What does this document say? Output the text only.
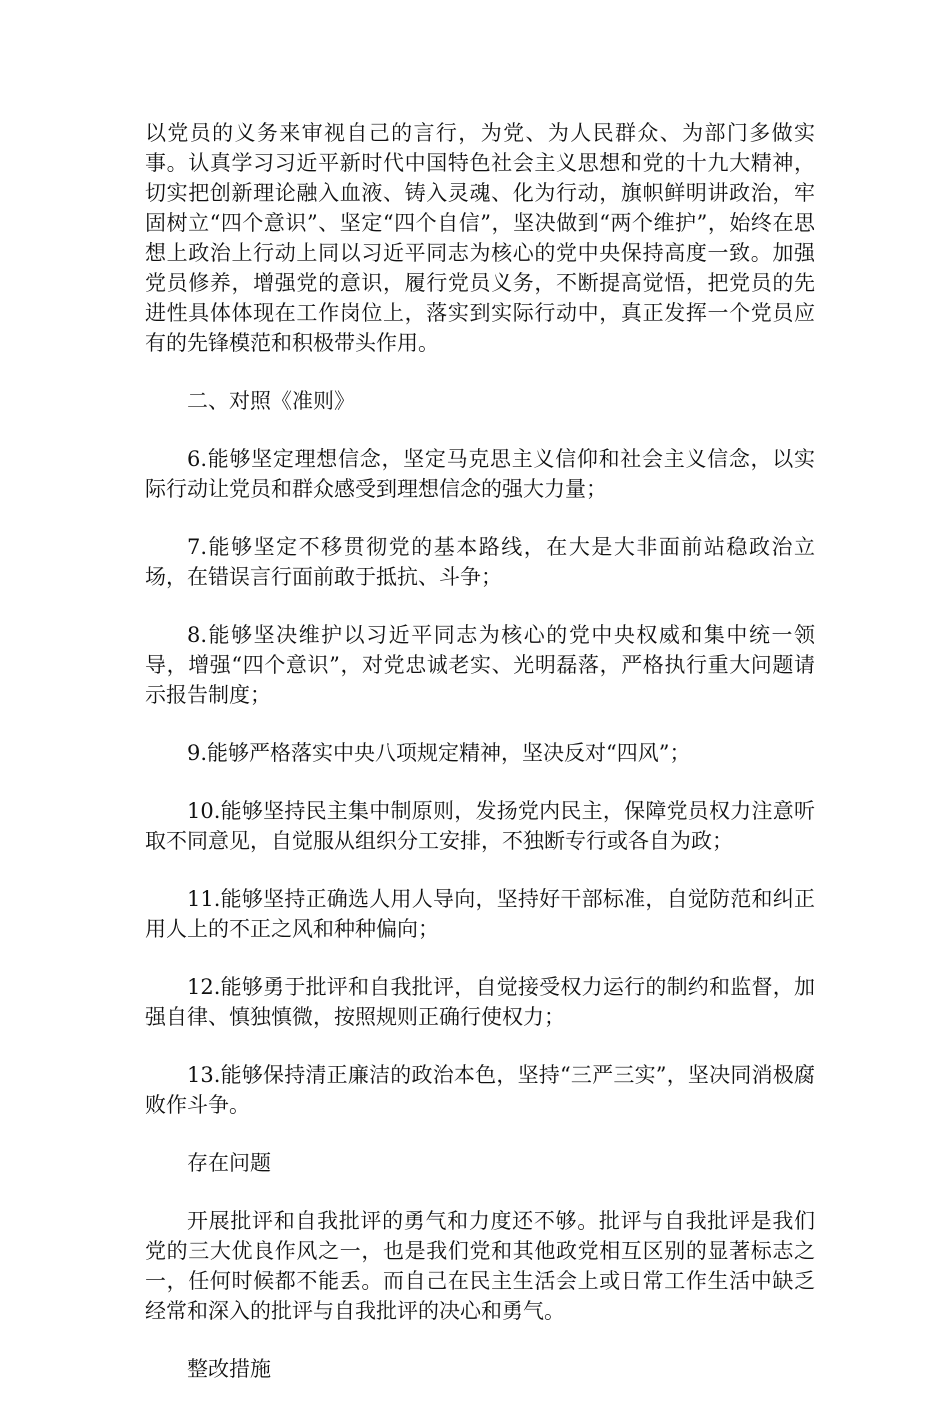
以党员的义务来审视自己的言行，为党、为人民群众、为部门多做实事。认真学习习近平新时代中国特色社会主义思想和党的十九大精神，切实把创新理论融入血液、铸入灵魂、化为行动，旗帜鲜明讲政治，牢固树立“四个意识”、坚定“四个自信”，坚决做到“两个维护”，始终在思想上政治上行动上同以习近平同志为核心的党中央保持高度一致。加强党员修养，增强党的意识，履行党员义务，不断提高觉悟，把党员的先进性具体体现在工作岗位上，落实到实际行动中，真正发挥一个党员应有的先锋模范和积极带头作用。

二、对照《准则》

6.能够坚定理想信念，坚定马克思主义信仰和社会主义信念，以实际行动让党员和群众感受到理想信念的强大力量；

7.能够坚定不移贯彻党的基本路线，在大是大非面前站稳政治立场，在错误言行面前敢于抵抗、斗争；

8.能够坚决维护以习近平同志为核心的党中央权威和集中统一领导，增强“四个意识”，对党忠诚老实、光明磊落，严格执行重大问题请示报告制度；

9.能够严格落实中央八项规定精神，坚决反对“四风”；

10.能够坚持民主集中制原则，发扬党内民主，保障党员权力注意听取不同意见，自觉服从组织分工安排，不独断专行或各自为政；

11.能够坚持正确选人用人导向，坚持好干部标准，自觉防范和纠正用人上的不正之风和种种偏向；

12.能够勇于批评和自我批评，自觉接受权力运行的制约和监督，加强自律、慎独慎微，按照规则正确行使权力；

13.能够保持清正廉洁的政治本色，坚持“三严三实”，坚决同消极腐败作斗争。

存在问题

开展批评和自我批评的勇气和力度还不够。批评与自我批评是我们党的三大优良作风之一，也是我们党和其他政党相互区别的显著标志之一，任何时候都不能丢。而自己在民主生活会上或日常工作生活中缺乏经常和深入的批评与自我批评的决心和勇气。

整改措施
